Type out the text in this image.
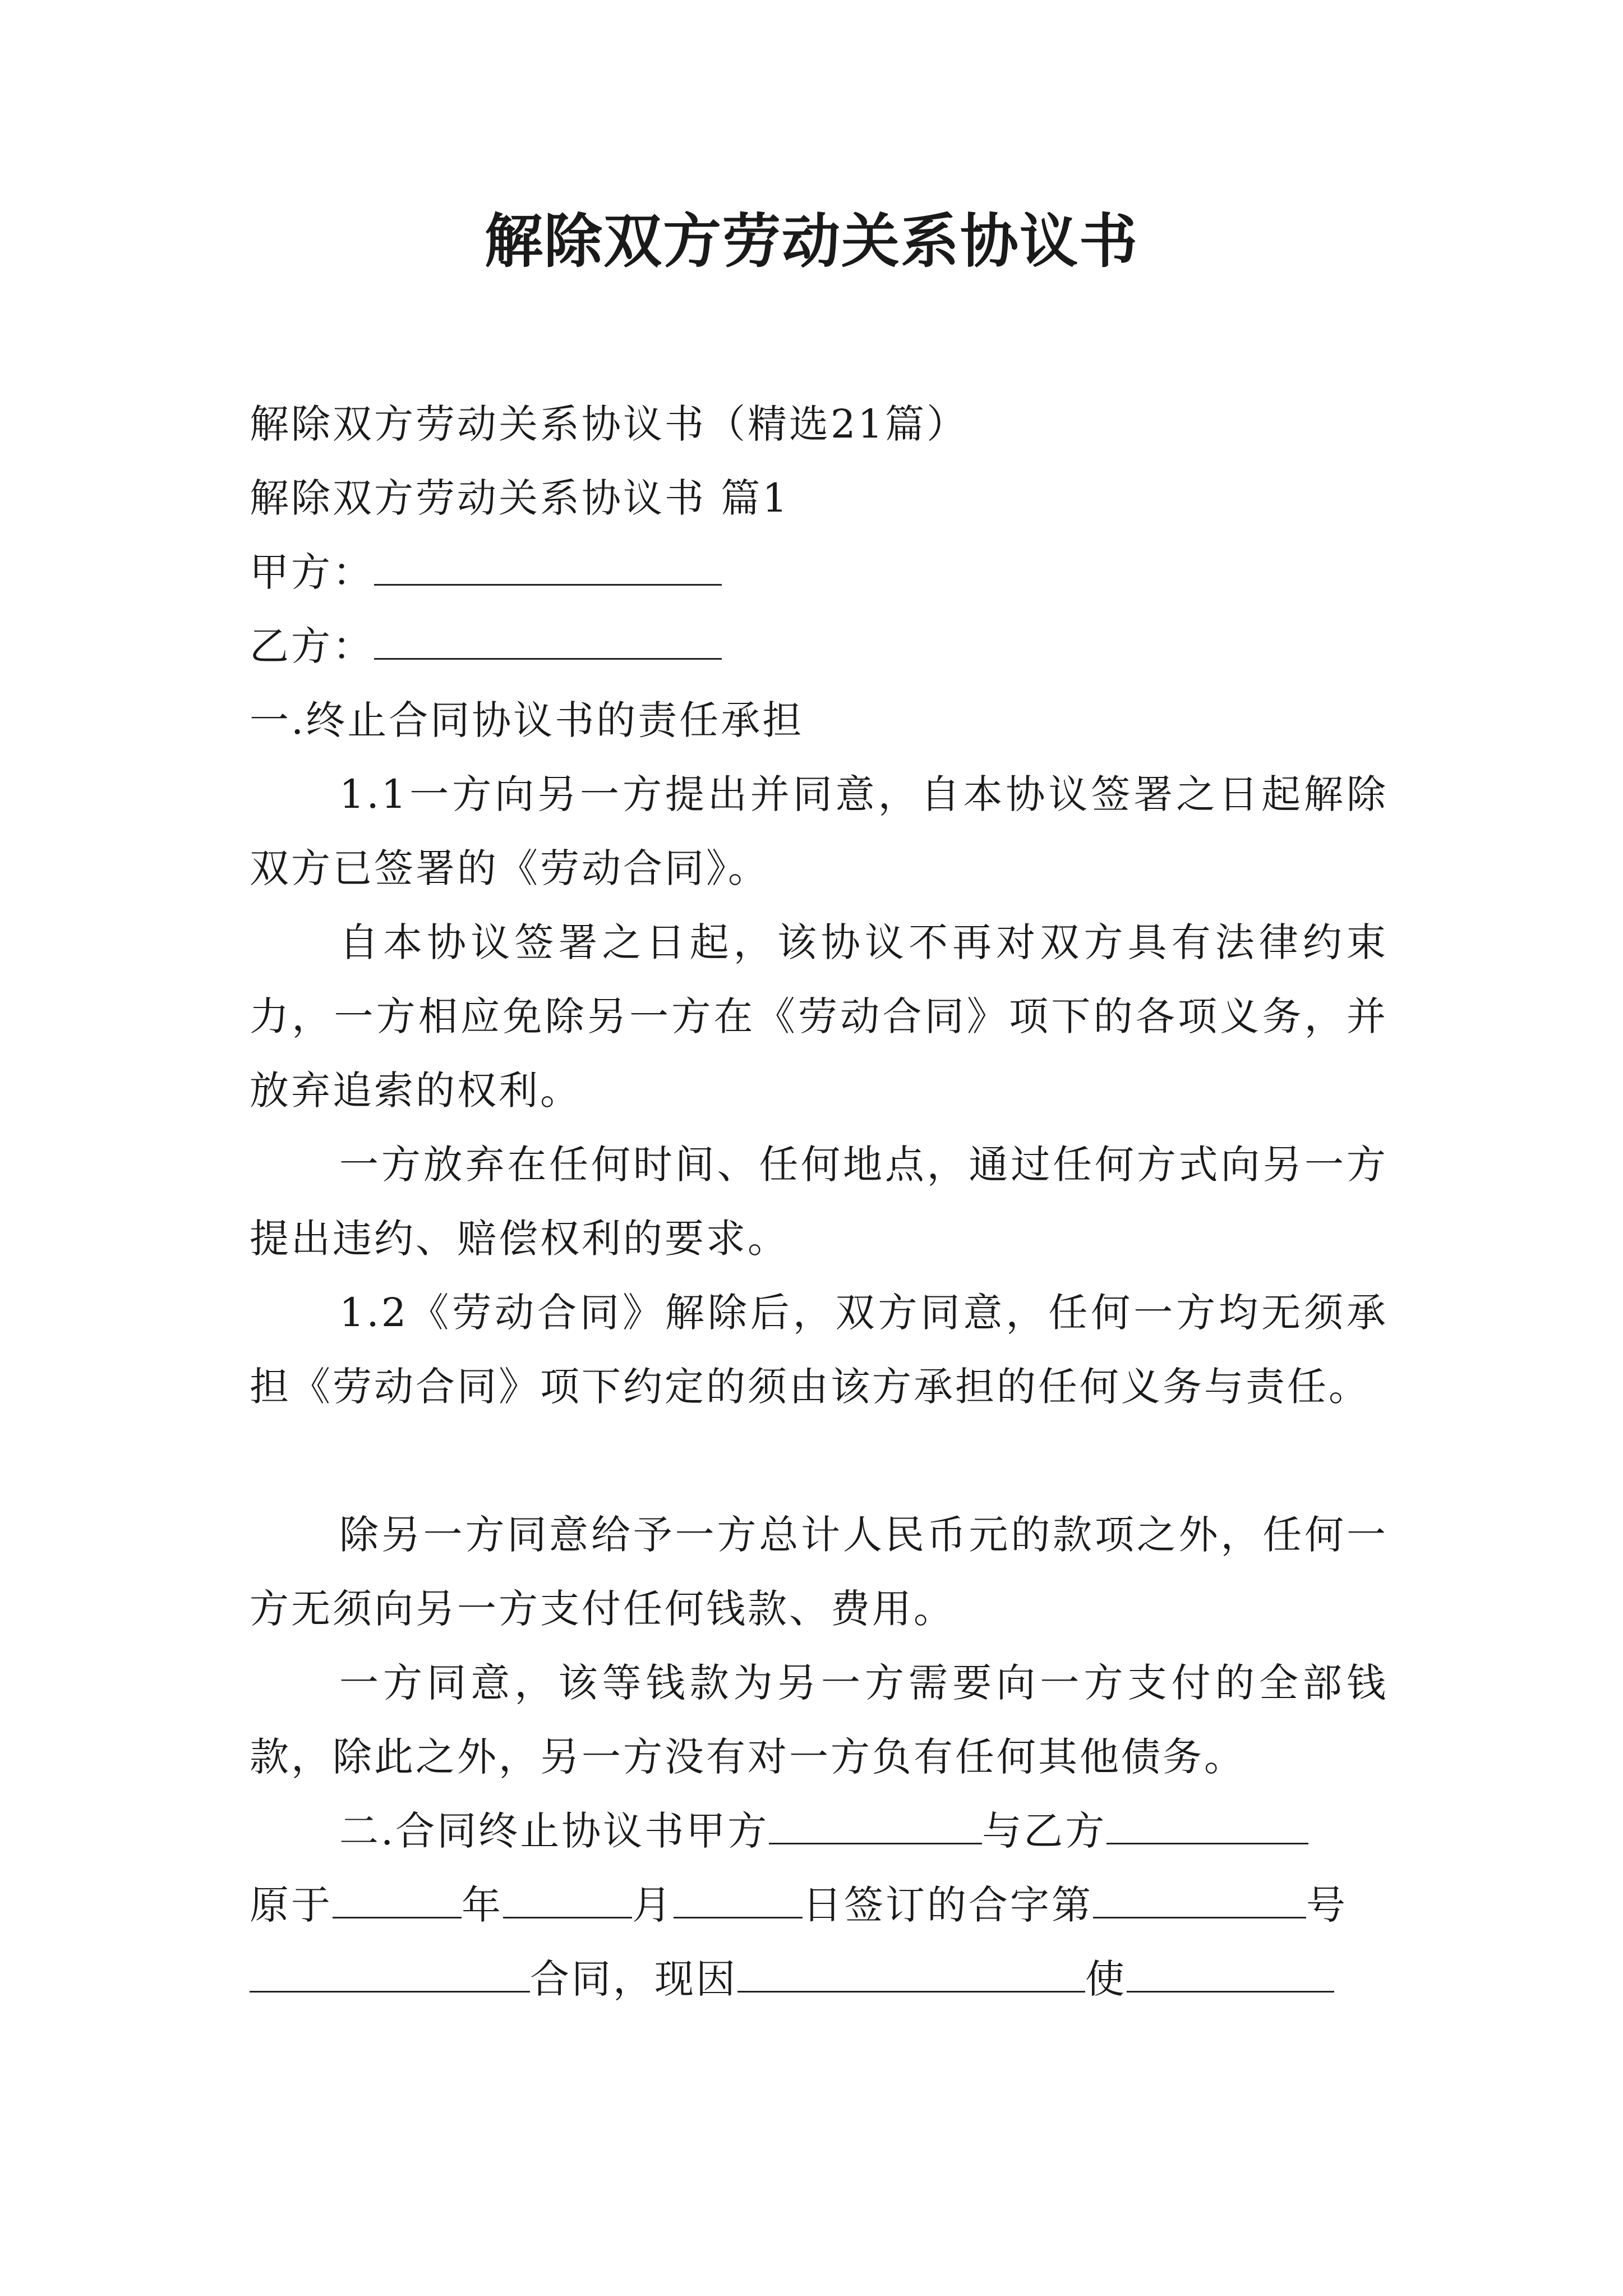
解除双方劳动关系协议书
解除双方劳动关系协议书（精选21篇）
解除双方劳动关系协议书 篇1
甲方：
乙方：
一.终止合同协议书的责任承担
1.1一方向另一方提出并同意，自本协议签署之日起解除双方已签署的《劳动合同》。
自本协议签署之日起，该协议不再对双方具有法律约束力，一方相应免除另一方在《劳动合同》项下的各项义务，并放弃追索的权利。
一方放弃在任何时间、任何地点，通过任何方式向另一方提出违约、赔偿权利的要求。
1.2《劳动合同》解除后，双方同意，任何一方均无须承担《劳动合同》项下约定的须由该方承担的任何义务与责任。
除另一方同意给予一方总计人民币元的款项之外，任何一方无须向另一方支付任何钱款、费用。
一方同意，该等钱款为另一方需要向一方支付的全部钱款，除此之外，另一方没有对一方负有任何其他债务。
二.合同终止协议书甲方	与乙方
原于	年	月	日签订的合字第	号
合同，现因	使
